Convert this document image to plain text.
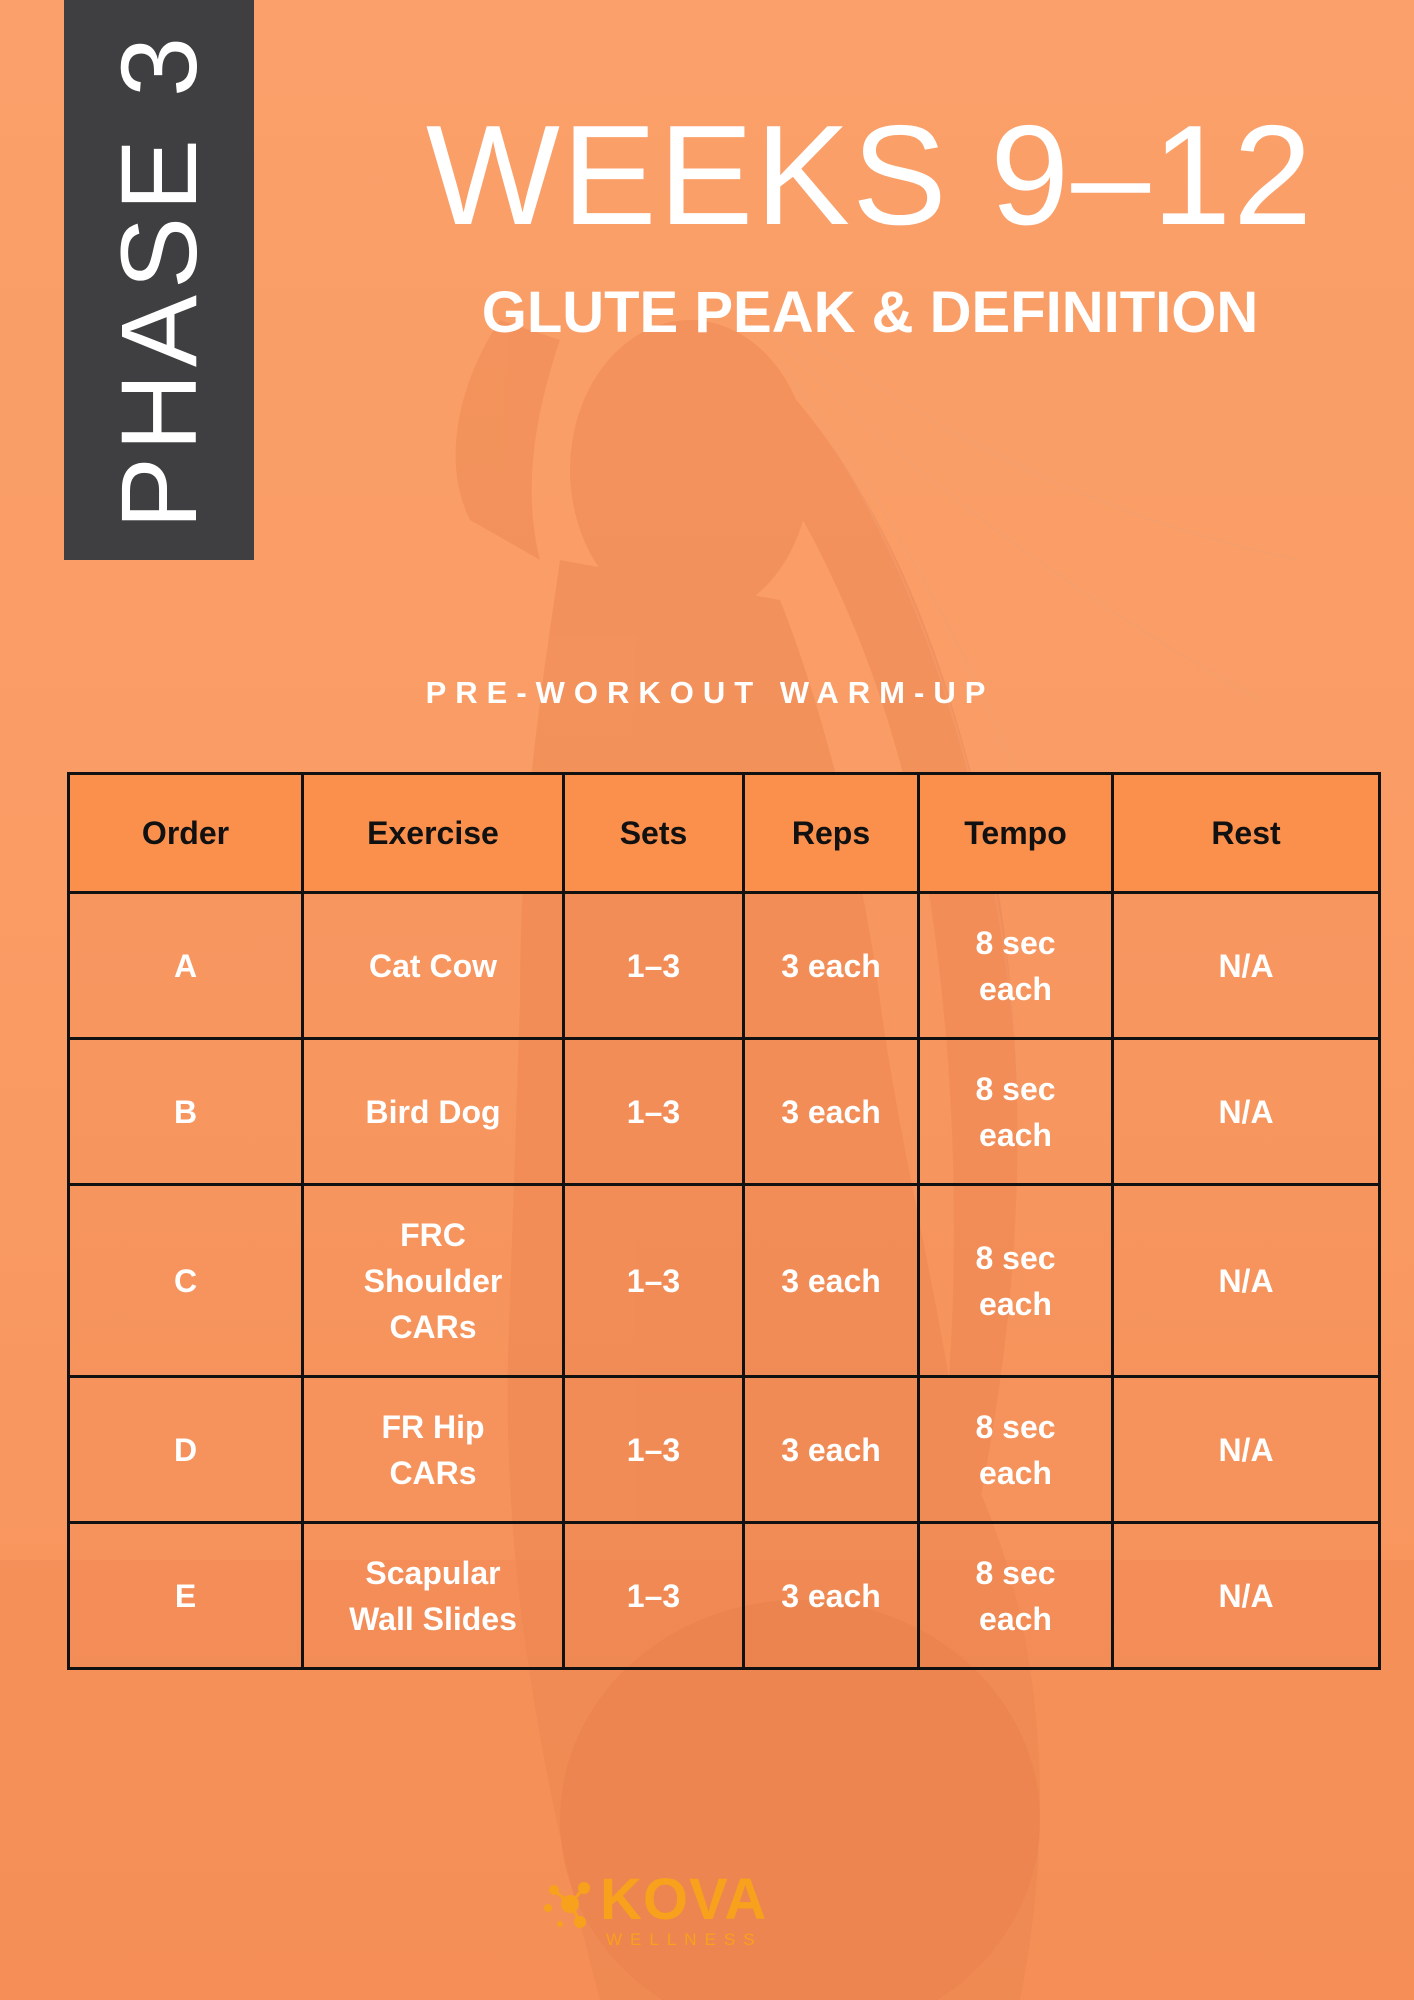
PHASE 3	WEEKS 9–12
GLUTE PEAK & DEFINITION
PRE-WORKOUT WARM-UP
Order	Exercise	Sets	Reps	Tempo	Rest
A	Cat Cow	1–3	3 each	8 sec each	N/A
B	Bird Dog	1–3	3 each	8 sec each	N/A
C	FRC Shoulder CARs	1–3	3 each	8 sec each	N/A
D	FR Hip CARs	1–3	3 each	8 sec each	N/A
E	Scapular Wall Slides	1–3	3 each	8 sec each	N/A
KOVA
WELLNESS
